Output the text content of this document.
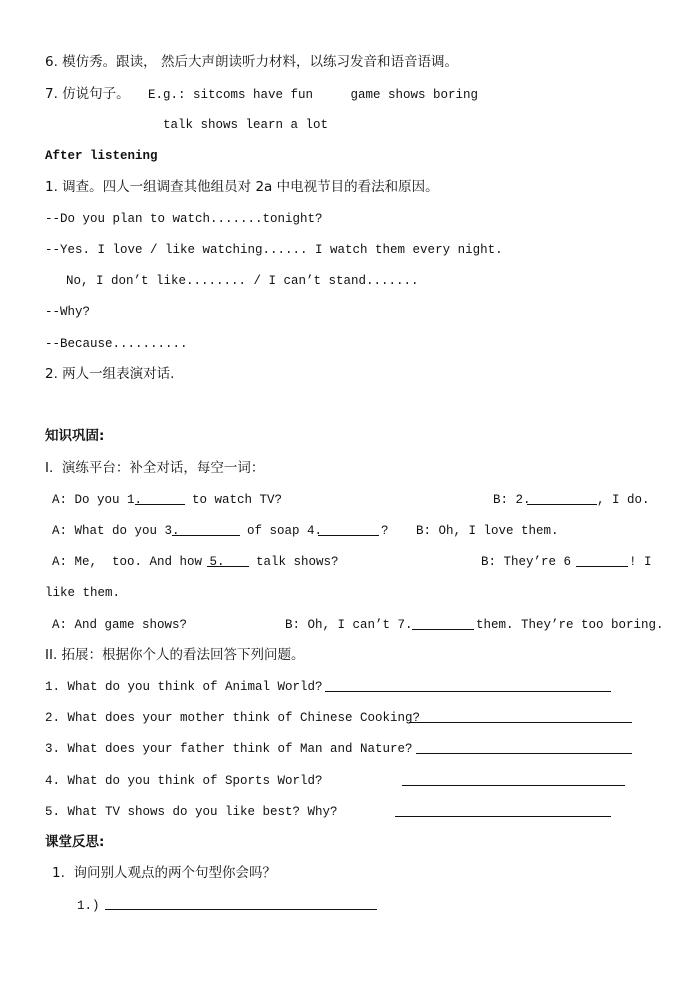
6. 模仿秀。跟读， 然后大声朗读听力材料，以练习发音和语音语调。
7. 仿说句子。 E.g.: sitcoms have fun     game shows boring
talk shows learn a lot
After listening
1. 调查。四人一组调查其他组员对 2a 中电视节目的看法和原因。
--Do you plan to watch.......tonight?
--Yes. I love / like watching...... I watch them every night.
No, I don’t like........ / I can’t stand.......
--Why?
--Because..........
2. 两人一组表演对话.
知识巩固:
I.  演练平台：补全对话，每空一词：
A: Do you 1.	to watch TV?	B: 2.	, I do.
A: What do you 3.	of soap 4.	? B: Oh, I love them.
A: Me,  too. And how 5.	talk shows?	B: They’re 6	! I
like them.
A: And game shows?	B: Oh, I can’t 7.	them. They’re too boring.
II. 拓展：根据你个人的看法回答下列问题。
1. What do you think of Animal World?
2. What does your mother think of Chinese Cooking?
3. What does your father think of Man and Nature?
4. What do you think of Sports World?
5. What TV shows do you like best? Why?
课堂反思:
1.  询问别人观点的两个句型你会吗？
1.)
